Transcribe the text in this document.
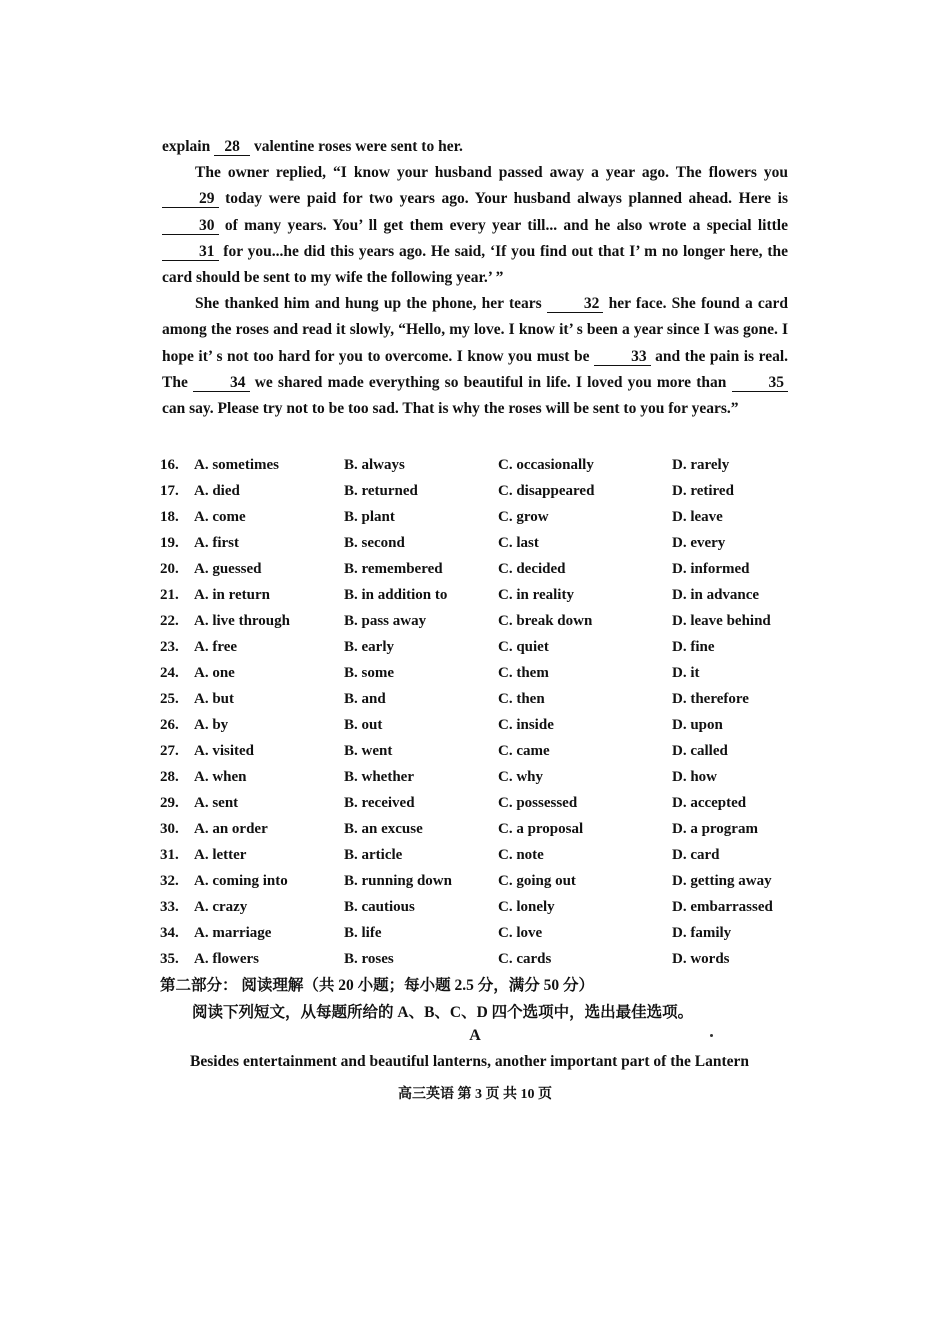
explain 28 valentine roses were sent to her.

The owner replied, “I know your husband passed away a year ago. The flowers you 29 today were paid for two years ago. Your husband always planned ahead. Here is 30 of many years. You’ ll get them every year till... and he also wrote a special little 31 for you...he did this years ago. He said, ‘If you find out that I’ m no longer here, the card should be sent to my wife the following year.’ ”

She thanked him and hung up the phone, her tears	32 her face. She found a card among the roses and read it slowly, “Hello, my love. I know it’ s been a year since I was gone. I hope it’ s not too hard for you to overcome. I know you must be	33 and the pain is real. The	34 we shared made everything so beautiful in life. I loved you more than	35 can say. Please try not to be too sad. That is why the roses will be sent to you for years.”

16. A. sometimes	B. always	C. occasionally	D. rarely
17. A. died	B. returned	C. disappeared	D. retired
18. A. come	B. plant	C. grow	D. leave
19. A. first	B. second	C. last	D. every
20. A. guessed	B. remembered	C. decided	D. informed
21. A. in return	B. in addition to	C. in reality	D. in advance
22. A. live through	B. pass away	C. break down	D. leave behind
23. A. free	B. early	C. quiet	D. fine
24. A. one	B. some	C. them	D. it
25. A. but	B. and	C. then	D. therefore
26. A. by	B. out	C. inside	D. upon
27. A. visited	B. went	C. came	D. called
28. A. when	B. whether	C. why	D. how
29. A. sent	B. received	C. possessed	D. accepted
30. A. an order	B. an excuse	C. a proposal	D. a program
31. A. letter	B. article	C. note	D. card
32. A. coming into	B. running down	C. going out	D. getting away
33. A. crazy	B. cautious	C. lonely	D. embarrassed
34. A. marriage	B. life	C. love	D. family
35. A. flowers	B. roses	C. cards	D. words
第二部分： 阅读理解（共 20 小题；每小题 2.5 分，满分 50 分）
阅读下列短文，从每题所给的 A、B、C、D 四个选项中，选出最佳选项。
A
Besides entertainment and beautiful lanterns, another important part of the Lantern
高三英语 第 3 页 共 10 页
